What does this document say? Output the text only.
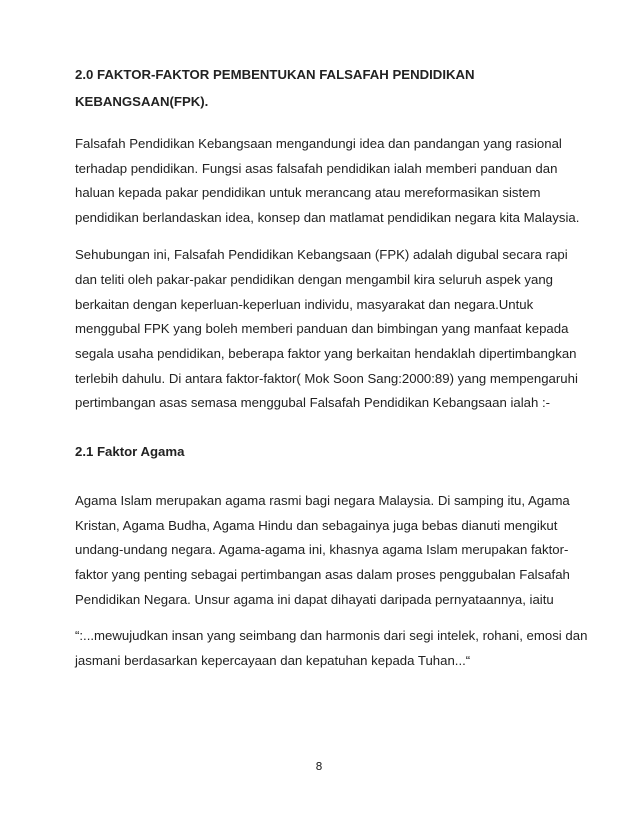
2.0 FAKTOR-FAKTOR PEMBENTUKAN FALSAFAH PENDIDIKAN
KEBANGSAAN(FPK).
Falsafah Pendidikan Kebangsaan mengandungi idea dan pandangan yang rasional
terhadap pendidikan. Fungsi asas falsafah pendidikan ialah memberi panduan dan
haluan kepada pakar pendidikan untuk merancang atau mereformasikan sistem
pendidikan berlandaskan idea, konsep dan matlamat pendidikan negara kita Malaysia.
Sehubungan ini, Falsafah Pendidikan Kebangsaan (FPK) adalah digubal secara rapi
dan teliti oleh pakar-pakar pendidikan dengan mengambil kira seluruh aspek yang
berkaitan dengan keperluan-keperluan individu, masyarakat dan negara.Untuk
menggubal FPK yang boleh memberi panduan dan bimbingan yang manfaat kepada
segala usaha pendidikan, beberapa faktor yang berkaitan hendaklah dipertimbangkan
terlebih dahulu. Di antara faktor-faktor( Mok Soon Sang:2000:89) yang mempengaruhi
pertimbangan asas semasa menggubal Falsafah Pendidikan Kebangsaan ialah :-
2.1 Faktor Agama
Agama Islam merupakan agama rasmi bagi negara Malaysia. Di samping itu, Agama
Kristan, Agama Budha, Agama Hindu dan sebagainya juga bebas dianuti mengikut
undang-undang negara. Agama-agama ini, khasnya agama Islam merupakan faktor-
faktor yang penting sebagai pertimbangan asas dalam proses penggubalan Falsafah
Pendidikan Negara. Unsur agama ini dapat dihayati daripada pernyataannya, iaitu
“:...mewujudkan insan yang seimbang dan harmonis dari segi intelek, rohani, emosi dan
jasmani berdasarkan kepercayaan dan kepatuhan kepada Tuhan...“
8
